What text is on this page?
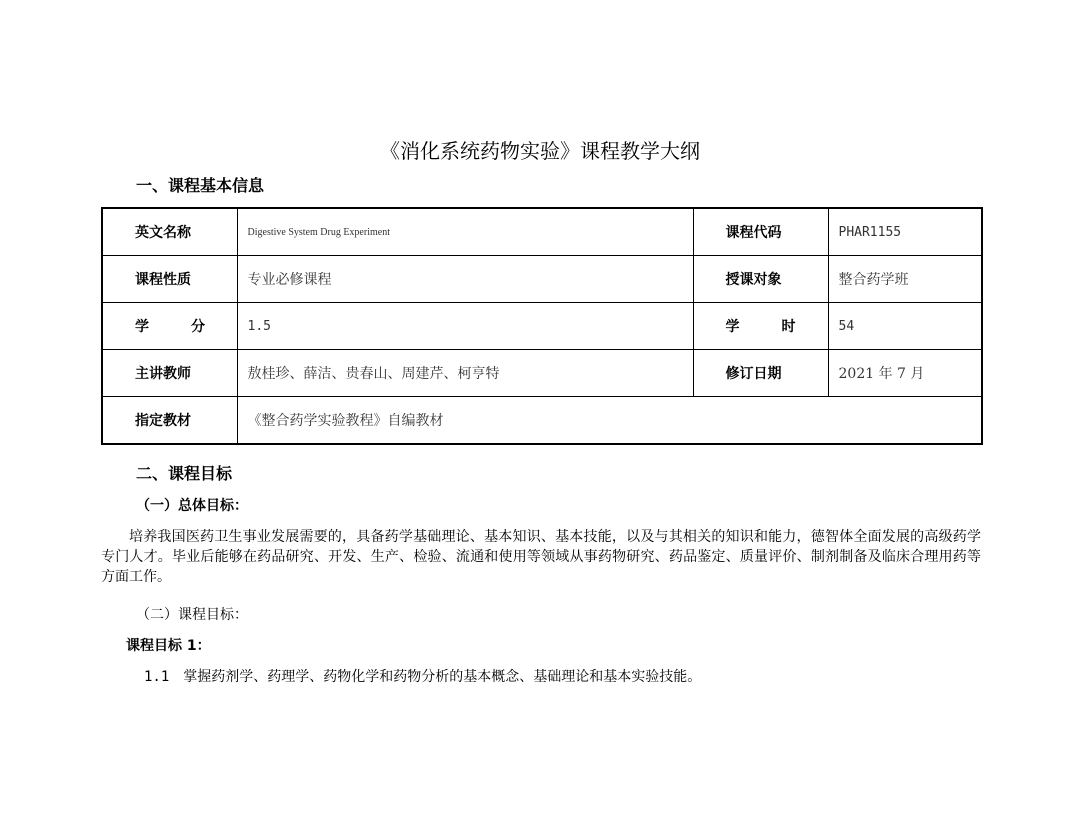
《消化系统药物实验》课程教学大纲
一、课程基本信息
英文名称	Digestive System Drug Experiment	课程代码	PHAR1155
课程性质	专业必修课程	授课对象	整合药学班
学 分	1.5	学 时	54
主讲教师	敖桂珍、薛洁、贵春山、周建芹、柯亨特	修订日期	2021 年 7 月
指定教材	《整合药学实验教程》自编教材		
二、课程目标
（一）总体目标：
培养我国医药卫生事业发展需要的，具备药学基础理论、基本知识、基本技能，以及与其相关的知识和能力，德智体全面发展的高级药学专门人才。毕业后能够在药品研究、开发、生产、检验、流通和使用等领域从事药物研究、药品鉴定、质量评价、制剂制备及临床合理用药等方面工作。
（二）课程目标：
课程目标 1：
1.1 掌握药剂学、药理学、药物化学和药物分析的基本概念、基础理论和基本实验技能。
